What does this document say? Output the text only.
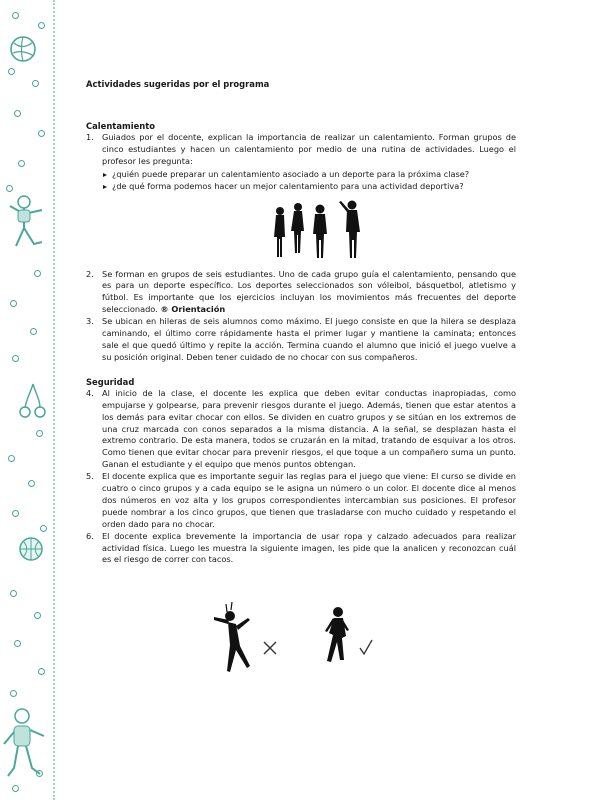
Actividades sugeridas por el programa

Calentamiento

1. Guiados por el docente, explican la importancia de realizar un calentamiento. Forman grupos de cinco estudiantes y hacen un calentamiento por medio de una rutina de actividades. Luego el profesor les pregunta:
¿quién puede preparar un calentamiento asociado a un deporte para la próxima clase?
¿de qué forma podemos hacer un mejor calentamiento para una actividad deportiva?
2. Se forman en grupos de seis estudiantes. Uno de cada grupo guía el calentamiento, pensando que es para un deporte específico. Los deportes seleccionados son vóleibol, básquetbol, atletismo y fútbol. Es importante que los ejercicios incluyan los movimientos más frecuentes del deporte seleccionado. ® Orientación
3. Se ubican en hileras de seis alumnos como máximo. El juego consiste en que la hilera se desplaza caminando, el último corre rápidamente hasta el primer lugar y mantiene la caminata; entonces sale el que quedó último y repite la acción. Termina cuando el alumno que inició el juego vuelve a su posición original. Deben tener cuidado de no chocar con sus compañeros.

Seguridad

4. Al inicio de la clase, el docente les explica que deben evitar conductas inapropiadas, como empujarse y golpearse, para prevenir riesgos durante el juego. Además, tienen que estar atentos a los demás para evitar chocar con ellos. Se dividen en cuatro grupos y se sitúan en los extremos de una cruz marcada con conos separados a la misma distancia. A la señal, se desplazan hasta el extremo contrario. De esta manera, todos se cruzarán en la mitad, tratando de esquivar a los otros. Como tienen que evitar chocar para prevenir riesgos, el que toque a un compañero suma un punto. Ganan el estudiante y el equipo que menos puntos obtengan.
5. El docente explica que es importante seguir las reglas para el juego que viene: El curso se divide en cuatro o cinco grupos y a cada equipo se le asigna un número o un color. El docente dice al menos dos números en voz alta y los grupos correspondientes intercambian sus posiciones. El profesor puede nombrar a los cinco grupos, que tienen que trasladarse con mucho cuidado y respetando el orden dado para no chocar.
6. El docente explica brevemente la importancia de usar ropa y calzado adecuados para realizar actividad física. Luego les muestra la siguiente imagen, les pide que la analicen y reconozcan cuál es el riesgo de correr con tacos.
